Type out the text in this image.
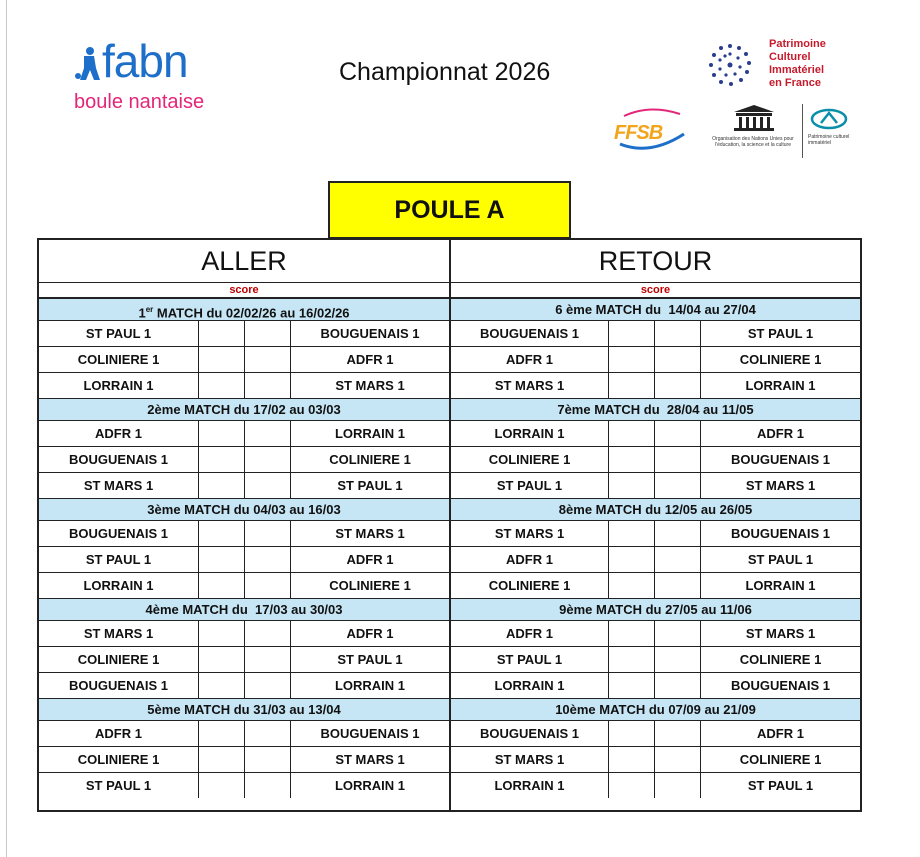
fabn
boule nantaise
Championnat 2026
Patrimoine
Culturel
Immatériel
en France
FFSB	Organisation des Nations Unies pour l'éducation, la science et la culture
Patrimoine culturel immatériel
POULE A
ALLER
score
1er MATCH du 02/02/26 au 16/02/26
ST PAUL 1	BOUGUENAIS 1
COLINIERE 1	ADFR 1
LORRAIN 1	ST MARS 1
2ème MATCH du 17/02 au 03/03
ADFR 1	LORRAIN 1
BOUGUENAIS 1	COLINIERE 1
ST MARS 1	ST PAUL 1
3ème MATCH du 04/03 au 16/03
BOUGUENAIS 1	ST MARS 1
ST PAUL 1	ADFR 1
LORRAIN 1	COLINIERE 1
4ème MATCH du  17/03 au 30/03
ST MARS 1	ADFR 1
COLINIERE 1	ST PAUL 1
BOUGUENAIS 1	LORRAIN 1
5ème MATCH du 31/03 au 13/04
ADFR 1	BOUGUENAIS 1
COLINIERE 1	ST MARS 1
ST PAUL 1	LORRAIN 1
RETOUR
score
6 ème MATCH du  14/04 au 27/04
BOUGUENAIS 1	ST PAUL 1
ADFR 1	COLINIERE 1
ST MARS 1	LORRAIN 1
7ème MATCH du  28/04 au 11/05
LORRAIN 1	ADFR 1
COLINIERE 1	BOUGUENAIS 1
ST PAUL 1	ST MARS 1
8ème MATCH du 12/05 au 26/05
ST MARS 1	BOUGUENAIS 1
ADFR 1	ST PAUL 1
COLINIERE 1	LORRAIN 1
9ème MATCH du 27/05 au 11/06
ADFR 1	ST MARS 1
ST PAUL 1	COLINIERE 1
LORRAIN 1	BOUGUENAIS 1
10ème MATCH du 07/09 au 21/09
BOUGUENAIS 1	ADFR 1
ST MARS 1	COLINIERE 1
LORRAIN 1	ST PAUL 1
